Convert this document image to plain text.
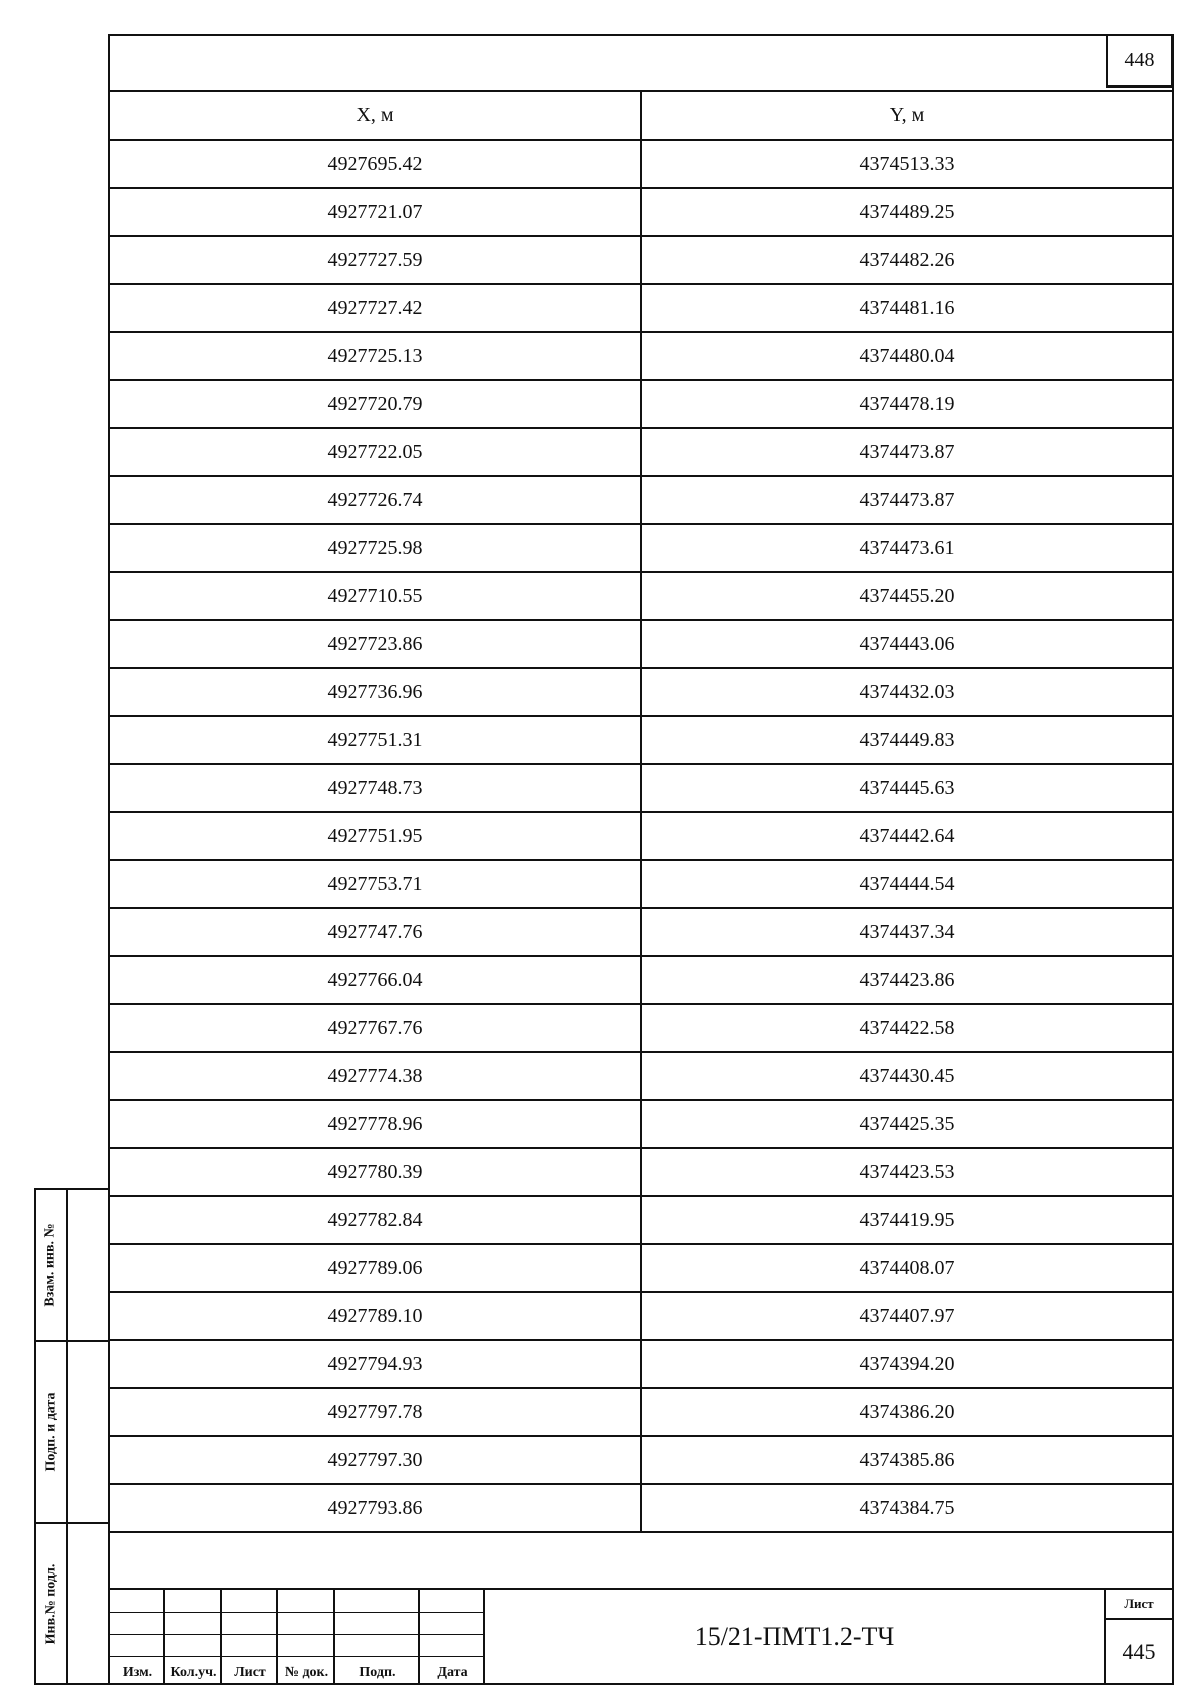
448
X, м	Y, м
4927695.42	4374513.33
4927721.07	4374489.25
4927727.59	4374482.26
4927727.42	4374481.16
4927725.13	4374480.04
4927720.79	4374478.19
4927722.05	4374473.87
4927726.74	4374473.87
4927725.98	4374473.61
4927710.55	4374455.20
4927723.86	4374443.06
4927736.96	4374432.03
4927751.31	4374449.83
4927748.73	4374445.63
4927751.95	4374442.64
4927753.71	4374444.54
4927747.76	4374437.34
4927766.04	4374423.86
4927767.76	4374422.58
4927774.38	4374430.45
4927778.96	4374425.35
4927780.39	4374423.53
4927782.84	4374419.95
4927789.06	4374408.07
4927789.10	4374407.97
4927794.93	4374394.20
4927797.78	4374386.20
4927797.30	4374385.86
4927793.86	4374384.75
Изм.	Кол.уч.	Лист	№ док.	Подп.	Дата
15/21-ПМТ1.2-ТЧ
Лист
445
Взам. инв. №
Подп. и дата
Инв.№ подл.
